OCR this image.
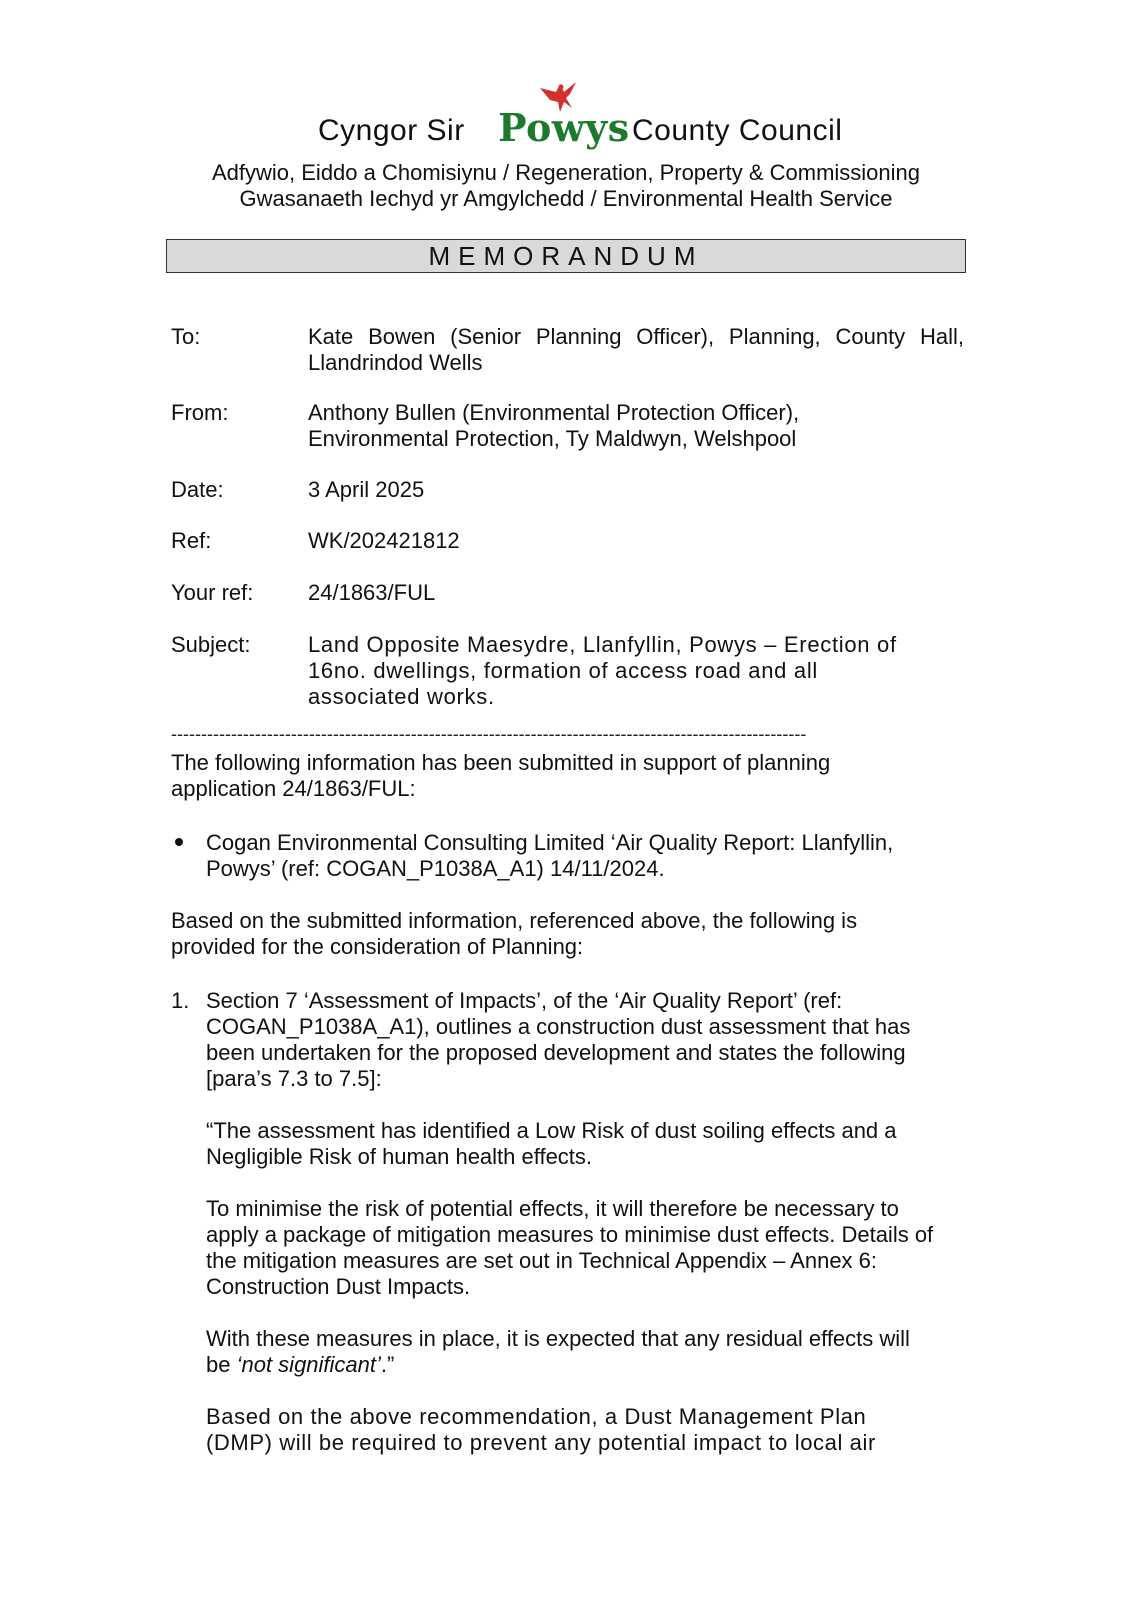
Cyngor Sir Powys County Council
Adfywio, Eiddo a Chomisiynu / Regeneration, Property & Commissioning
Gwasanaeth Iechyd yr Amgylchedd / Environmental Health Service
MEMORANDUM
To:	Kate Bowen (Senior Planning Officer), Planning, County Hall, Llandrindod Wells
From:	Anthony Bullen (Environmental Protection Officer),
Environmental Protection, Ty Maldwyn, Welshpool
Date:	3 April 2025
Ref:	WK/202421812
Your ref: 24/1863/FUL
Subject:	Land Opposite Maesydre, Llanfyllin, Powys – Erection of
16no. dwellings, formation of access road and all
associated works.
----------------------------------------------------------------------------------------------------------
The following information has been submitted in support of planning
application 24/1863/FUL:
Cogan Environmental Consulting Limited ‘Air Quality Report: Llanfyllin,
Powys’ (ref: COGAN_P1038A_A1) 14/11/2024.
Based on the submitted information, referenced above, the following is
provided for the consideration of Planning:
1. Section 7 ‘Assessment of Impacts’, of the ‘Air Quality Report’ (ref:
COGAN_P1038A_A1), outlines a construction dust assessment that has
been undertaken for the proposed development and states the following
[para’s 7.3 to 7.5]:
“The assessment has identified a Low Risk of dust soiling effects and a
Negligible Risk of human health effects.
To minimise the risk of potential effects, it will therefore be necessary to
apply a package of mitigation measures to minimise dust effects. Details of
the mitigation measures are set out in Technical Appendix – Annex 6:
Construction Dust Impacts.
With these measures in place, it is expected that any residual effects will
be ‘not significant’.”
Based on the above recommendation, a Dust Management Plan
(DMP) will be required to prevent any potential impact to local air
